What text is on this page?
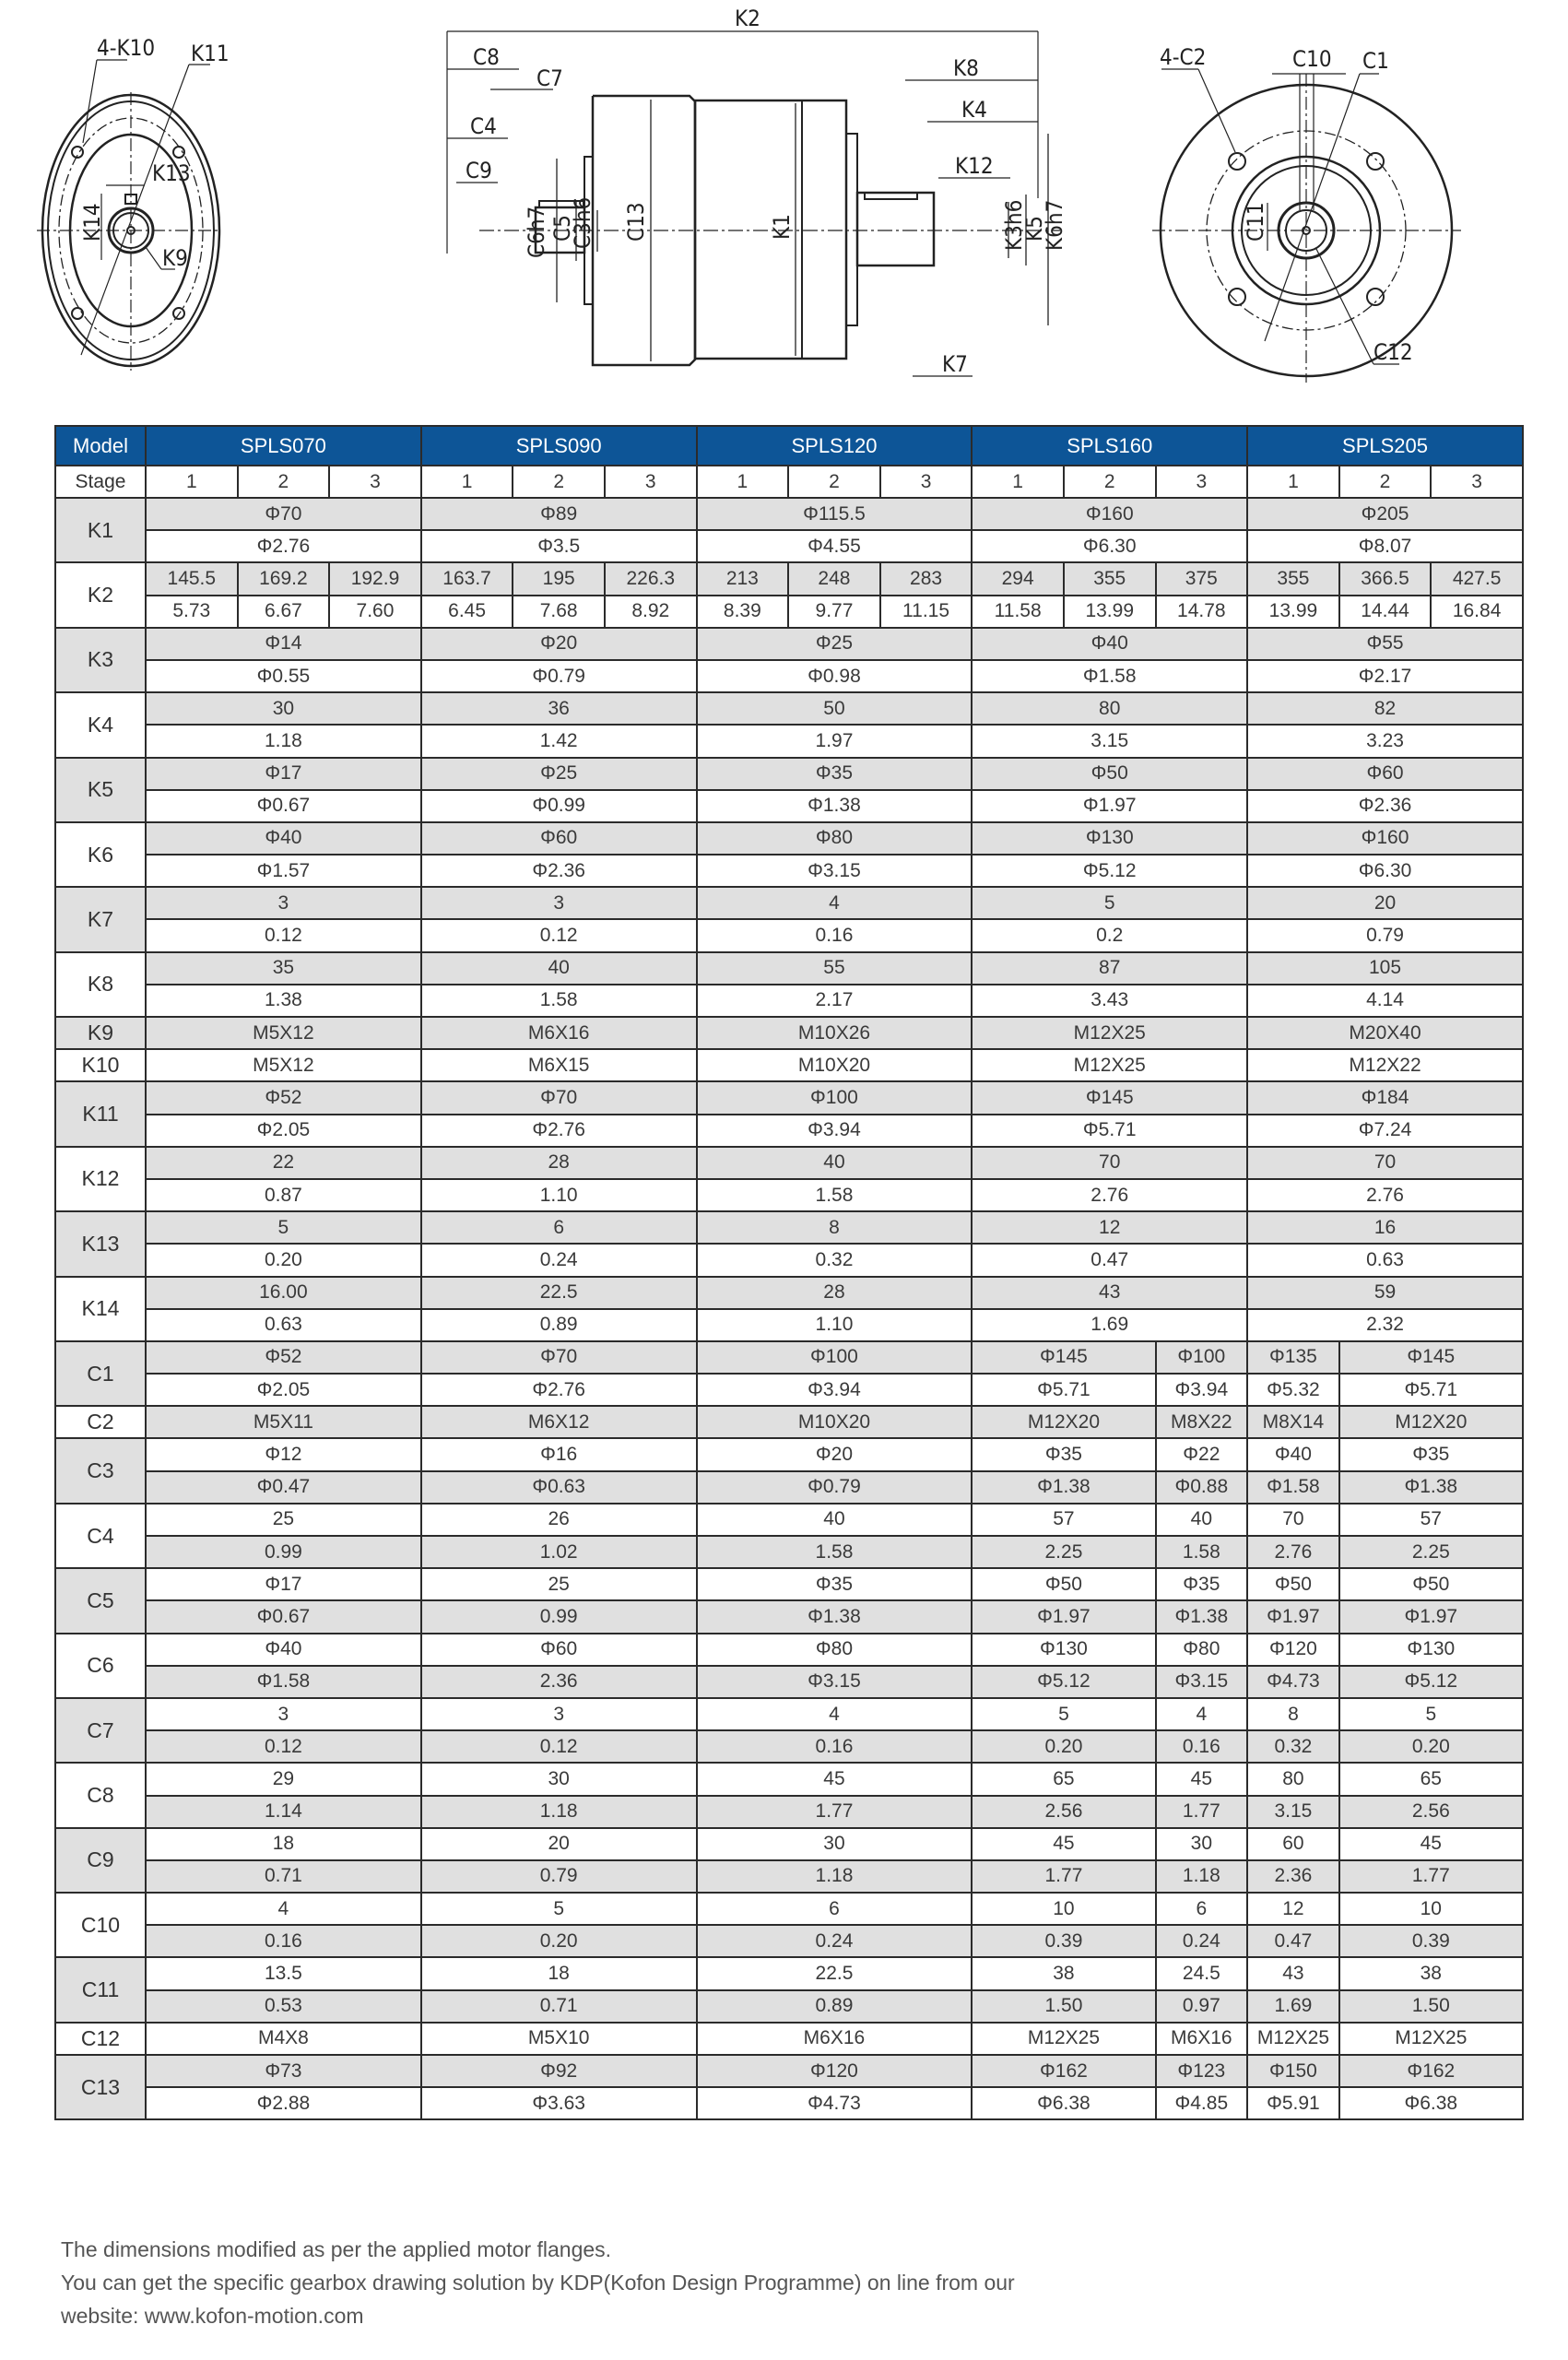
4-K10 K11
K13
K14
K9
K2
C8
C7
C4
C9
C6h7 C5
C3h6 C13	K1
K8
K4
K12
K3h6
K5
K6h7
K7
4-C2	C10 C1
C11
C12
Model	SPLS070			SPLS090			SPLS120			SPLS160			SPLS205		
Stage	1	2	3	1	2	3	1	2	3	1	2	3	1	2	3
K1	Φ70			Φ89			Φ115.5			Φ160			Φ205		
	Φ2.76			Φ3.5			Φ4.55			Φ6.30			Φ8.07		
K2	145.5	169.2	192.9	163.7	195	226.3	213	248	283	294	355	375	355	366.5	427.5
	5.73	6.67	7.60	6.45	7.68	8.92	8.39	9.77	11.15	11.58	13.99	14.78	13.99	14.44	16.84
K3	Φ14			Φ20			Φ25			Φ40			Φ55		
	Φ0.55			Φ0.79			Φ0.98			Φ1.58			Φ2.17		
K4	30			36			50			80			82		
	1.18			1.42			1.97			3.15			3.23		
K5	Φ17			Φ25			Φ35			Φ50			Φ60		
	Φ0.67			Φ0.99			Φ1.38			Φ1.97			Φ2.36		
K6	Φ40			Φ60			Φ80			Φ130			Φ160		
	Φ1.57			Φ2.36			Φ3.15			Φ5.12			Φ6.30		
K7	3			3			4			5			20		
	0.12			0.12			0.16			0.2			0.79		
K8	35			40			55			87			105		
	1.38			1.58			2.17			3.43			4.14		
K9	M5X12			M6X16			M10X26			M12X25			M20X40		
K10	M5X12			M6X15			M10X20			M12X25			M12X22		
K11	Φ52			Φ70			Φ100			Φ145			Φ184		
	Φ2.05			Φ2.76			Φ3.94			Φ5.71			Φ7.24		
K12	22			28			40			70			70		
	0.87			1.10			1.58			2.76			2.76		
K13	5			6			8			12			16		
	0.20			0.24			0.32			0.47			0.63		
K14	16.00			22.5			28			43			59		
	0.63			0.89			1.10			1.69			2.32		
C1	Φ52			Φ70			Φ100			Φ145		Φ100	Φ135	Φ145	
	Φ2.05			Φ2.76			Φ3.94			Φ5.71		Φ3.94	Φ5.32	Φ5.71	
C2	M5X11			M6X12			M10X20			M12X20		M8X22	M8X14	M12X20	
C3	Φ12			Φ16			Φ20			Φ35		Φ22	Φ40	Φ35	
	Φ0.47			Φ0.63			Φ0.79			Φ1.38		Φ0.88	Φ1.58	Φ1.38	
C4	25			26			40			57		40	70	57	
	0.99			1.02			1.58			2.25		1.58	2.76	2.25	
C5	Φ17			25			Φ35			Φ50		Φ35	Φ50	Φ50	
	Φ0.67			0.99			Φ1.38			Φ1.97		Φ1.38	Φ1.97	Φ1.97	
C6	Φ40			Φ60			Φ80			Φ130		Φ80	Φ120	Φ130	
	Φ1.58			2.36			Φ3.15			Φ5.12		Φ3.15	Φ4.73	Φ5.12	
C7	3			3			4			5		4	8	5	
	0.12			0.12			0.16			0.20		0.16	0.32	0.20	
C8	29			30			45			65		45	80	65	
	1.14			1.18			1.77			2.56		1.77	3.15	2.56	
C9	18			20			30			45		30	60	45	
	0.71			0.79			1.18			1.77		1.18	2.36	1.77	
C10	4			5			6			10		6	12	10	
	0.16			0.20			0.24			0.39		0.24	0.47	0.39	
C11	13.5			18			22.5			38		24.5	43	38	
	0.53			0.71			0.89			1.50		0.97	1.69	1.50	
C12	M4X8			M5X10			M6X16			M12X25		M6X16	M12X25	M12X25	
C13	Φ73			Φ92			Φ120			Φ162		Φ123	Φ150	Φ162	
	Φ2.88			Φ3.63			Φ4.73			Φ6.38		Φ4.85	Φ5.91	Φ6.38	
The dimensions modified as per the applied motor flanges.
You can get the specific gearbox drawing solution by KDP(Kofon Design Programme) on line from our
website: www.kofon-motion.com
